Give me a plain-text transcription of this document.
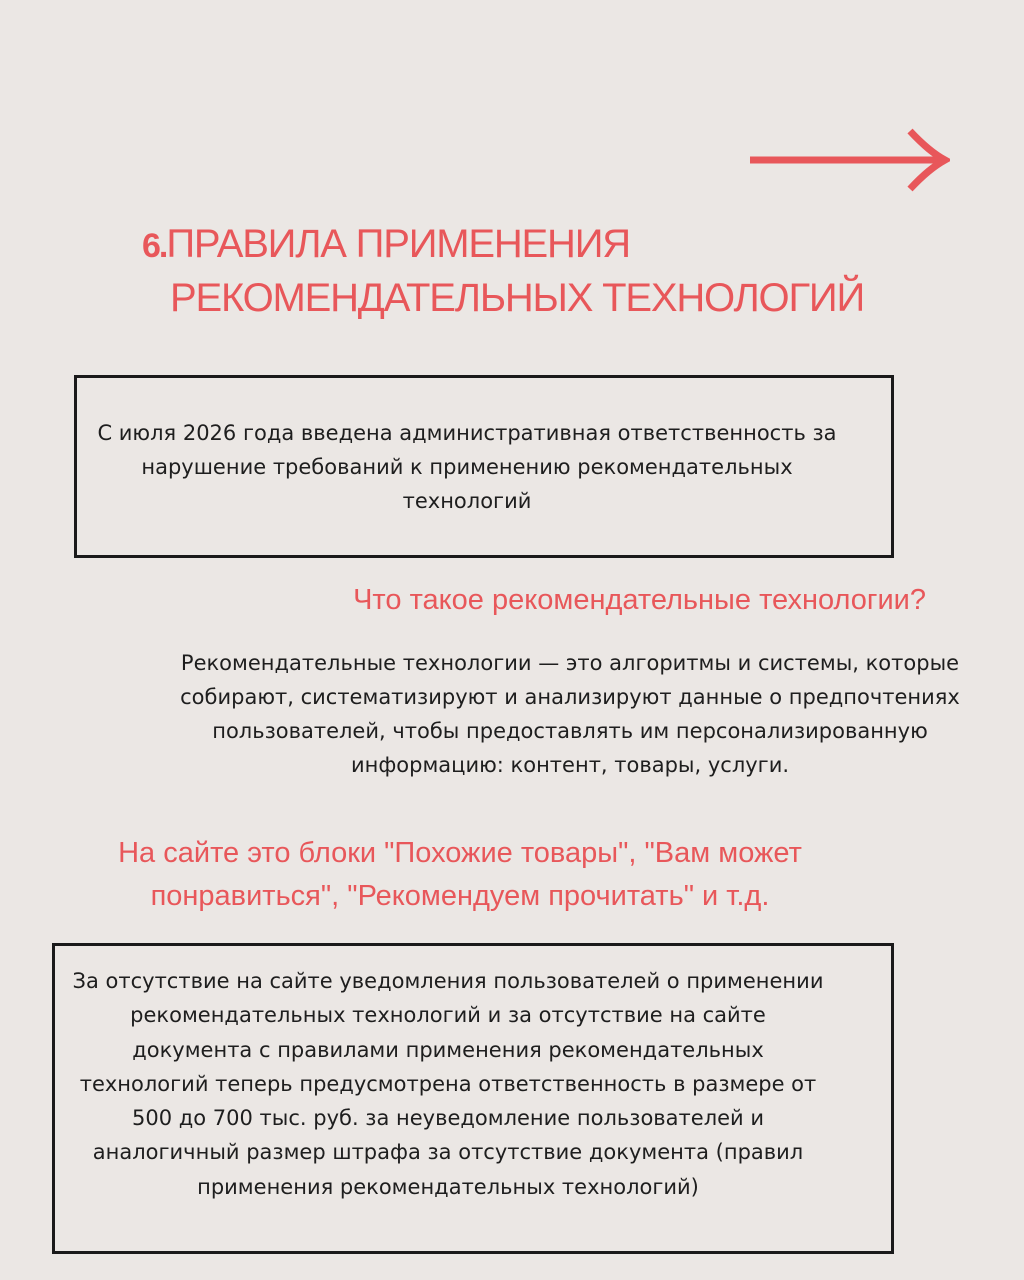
6.ПРАВИЛА ПРИМЕНЕНИЯ
РЕКОМЕНДАТЕЛЬНЫХ ТЕХНОЛОГИЙ

С июля 2026 года введена административная ответственность за нарушение требований к применению рекомендательных технологий

Что такое рекомендательные технологии?

Рекомендательные технологии — это алгоритмы и системы, которые собирают, систематизируют и анализируют данные о предпочтениях пользователей, чтобы предоставлять им персонализированную информацию: контент, товары, услуги.

На сайте это блоки "Похожие товары", "Вам может понравиться", "Рекомендуем прочитать" и т.д.

За отсутствие на сайте уведомления пользователей о применении рекомендательных технологий и за отсутствие на сайте документа с правилами применения рекомендательных технологий теперь предусмотрена ответственность в размере от 500 до 700 тыс. руб. за неуведомление пользователей и аналогичный размер штрафа за отсутствие документа (правил применения рекомендательных технологий)
